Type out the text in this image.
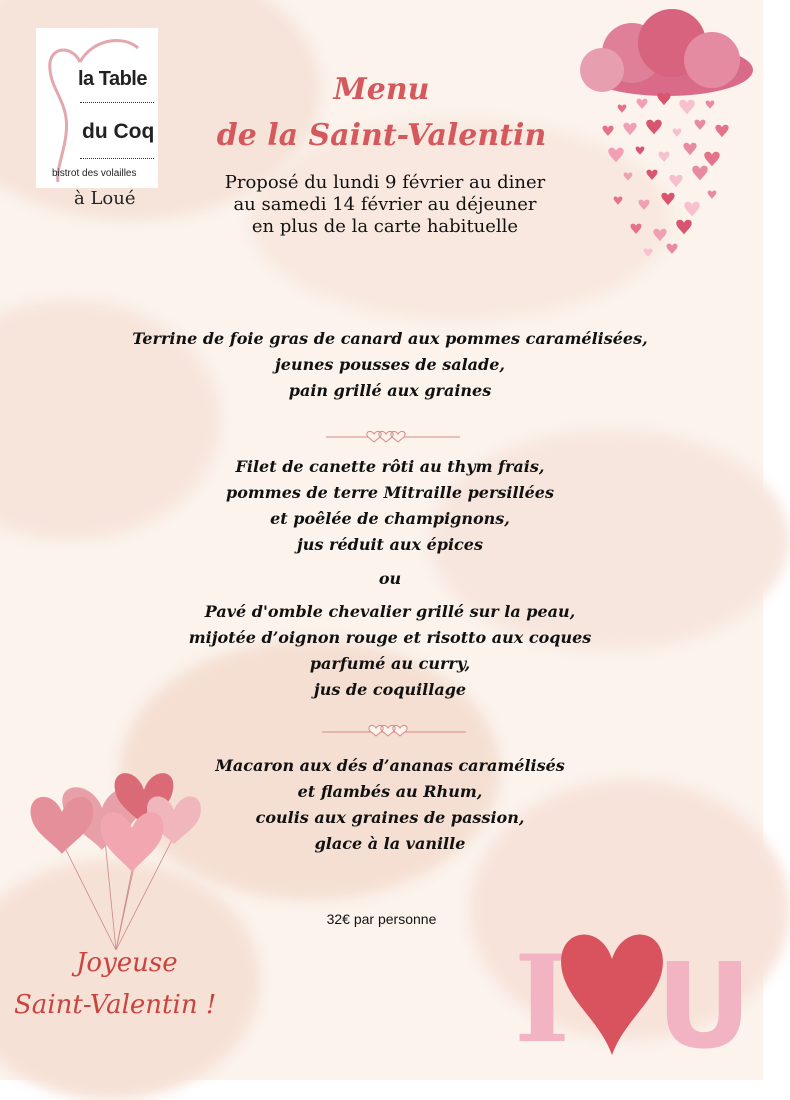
la Table
du Coq
bistrot des volailles
à Loué
Menu
de la Saint-Valentin
Proposé du lundi 9 février au diner
au samedi 14 février au déjeuner
en plus de la carte habituelle
Terrine de foie gras de canard aux pommes caramélisées,
jeunes pousses de salade,
pain grillé aux graines
Filet de canette rôti au thym frais,
pommes de terre Mitraille persillées
et poêlée de champignons,
jus réduit aux épices
ou
Pavé d'omble chevalier grillé sur la peau,
mijotée d’oignon rouge et risotto aux coques
parfumé au curry,
jus de coquillage
Macaron aux dés d’ananas caramélisés
et flambés au Rhum,
coulis aux graines de passion,
glace à la vanille
32€ par personne
Joyeuse
Saint-Valentin ! I U
